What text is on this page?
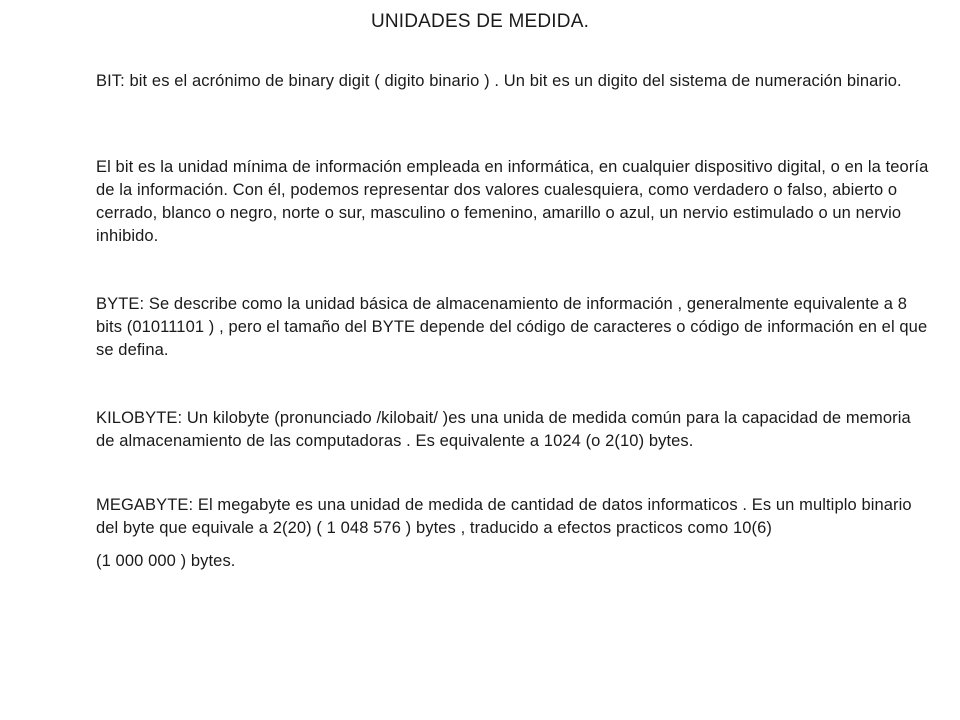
UNIDADES DE MEDIDA.

BIT: bit es el acrónimo de binary digit ( digito binario ) . Un bit es un digito del sistema de numeración binario.

El bit es la unidad mínima de información empleada en informática, en cualquier dispositivo digital, o en la teoría de la información. Con él, podemos representar dos valores cualesquiera, como verdadero o falso, abierto o cerrado, blanco o negro, norte o sur, masculino o femenino, amarillo o azul, un nervio estimulado o un nervio inhibido.

BYTE: Se describe como la unidad básica de almacenamiento de información , generalmente equivalente a 8 bits (01011101 ) , pero el tamaño del BYTE depende del código de caracteres o código de información en el que se defina.

KILOBYTE: Un kilobyte (pronunciado /kilobait/ )es una unida de medida común para la capacidad de memoria de almacenamiento de las computadoras . Es equivalente a 1024 (o 2(10) bytes.

MEGABYTE: El megabyte es una unidad de medida de cantidad de datos informaticos . Es un multiplo binario del byte que equivale a 2(20) ( 1 048 576 ) bytes , traducido a efectos practicos como 10(6)

(1 000 000 ) bytes.
